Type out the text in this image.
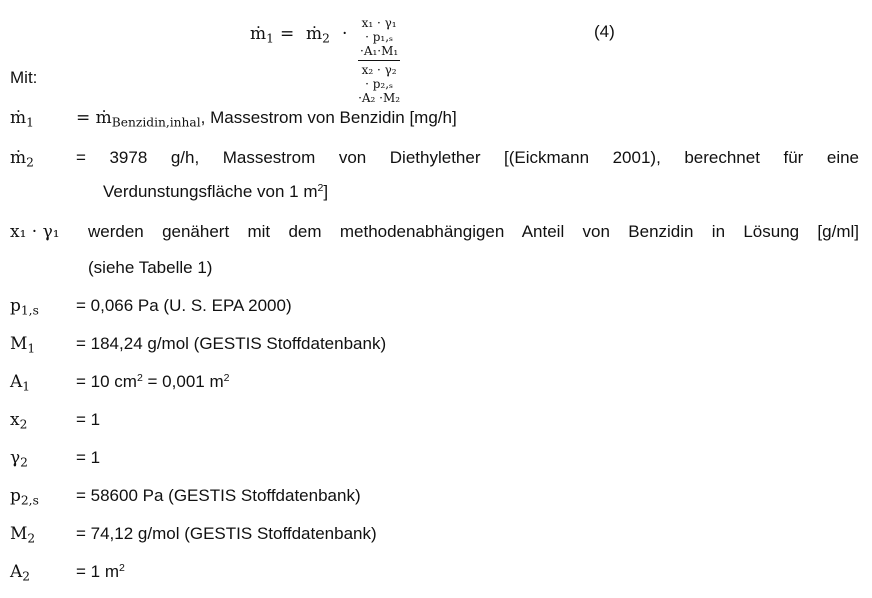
ṁ$_1$ = ṁ$_2$ · $\frac{\text{x₁ · γ₁ · p₁,ₛ ·A₁·M₁}}{\text{x₂ · γ₂ · p₂,ₛ ·A₂ ·M₂}}$	(4)
Mit:
ṁ$_1$ = ṁ$_{Benzidin,inhal}$, Massestrom von Benzidin [mg/h]
ṁ$_2$ = 3978 g/h, Massestrom von Diethylether [(Eickmann 2001), berechnet für eine
Verdunstungsfläche von 1 $m^2$]
x₁ · γ₁ werden genähert mit dem methodenabhängigen Anteil von Benzidin in Lösung [g/ml]
(siehe Tabelle 1)
$p_{1,s} = 0,066$ Pa (U. S. EPA 2000)
$M_1 = 184,24$ g/mol (GESTIS Stoffdatenbank)
$A_1$	= 10 $cm^2 = 0,001$ $m^2$
$x_2$	= 1
$\gamma_2$	= 1
$p_{2,s} = 58600$ Pa (GESTIS Stoffdatenbank)
$M_2 = 74,12$ g/mol (GESTIS Stoffdatenbank)
$A_2$	= 1 $m^2$
